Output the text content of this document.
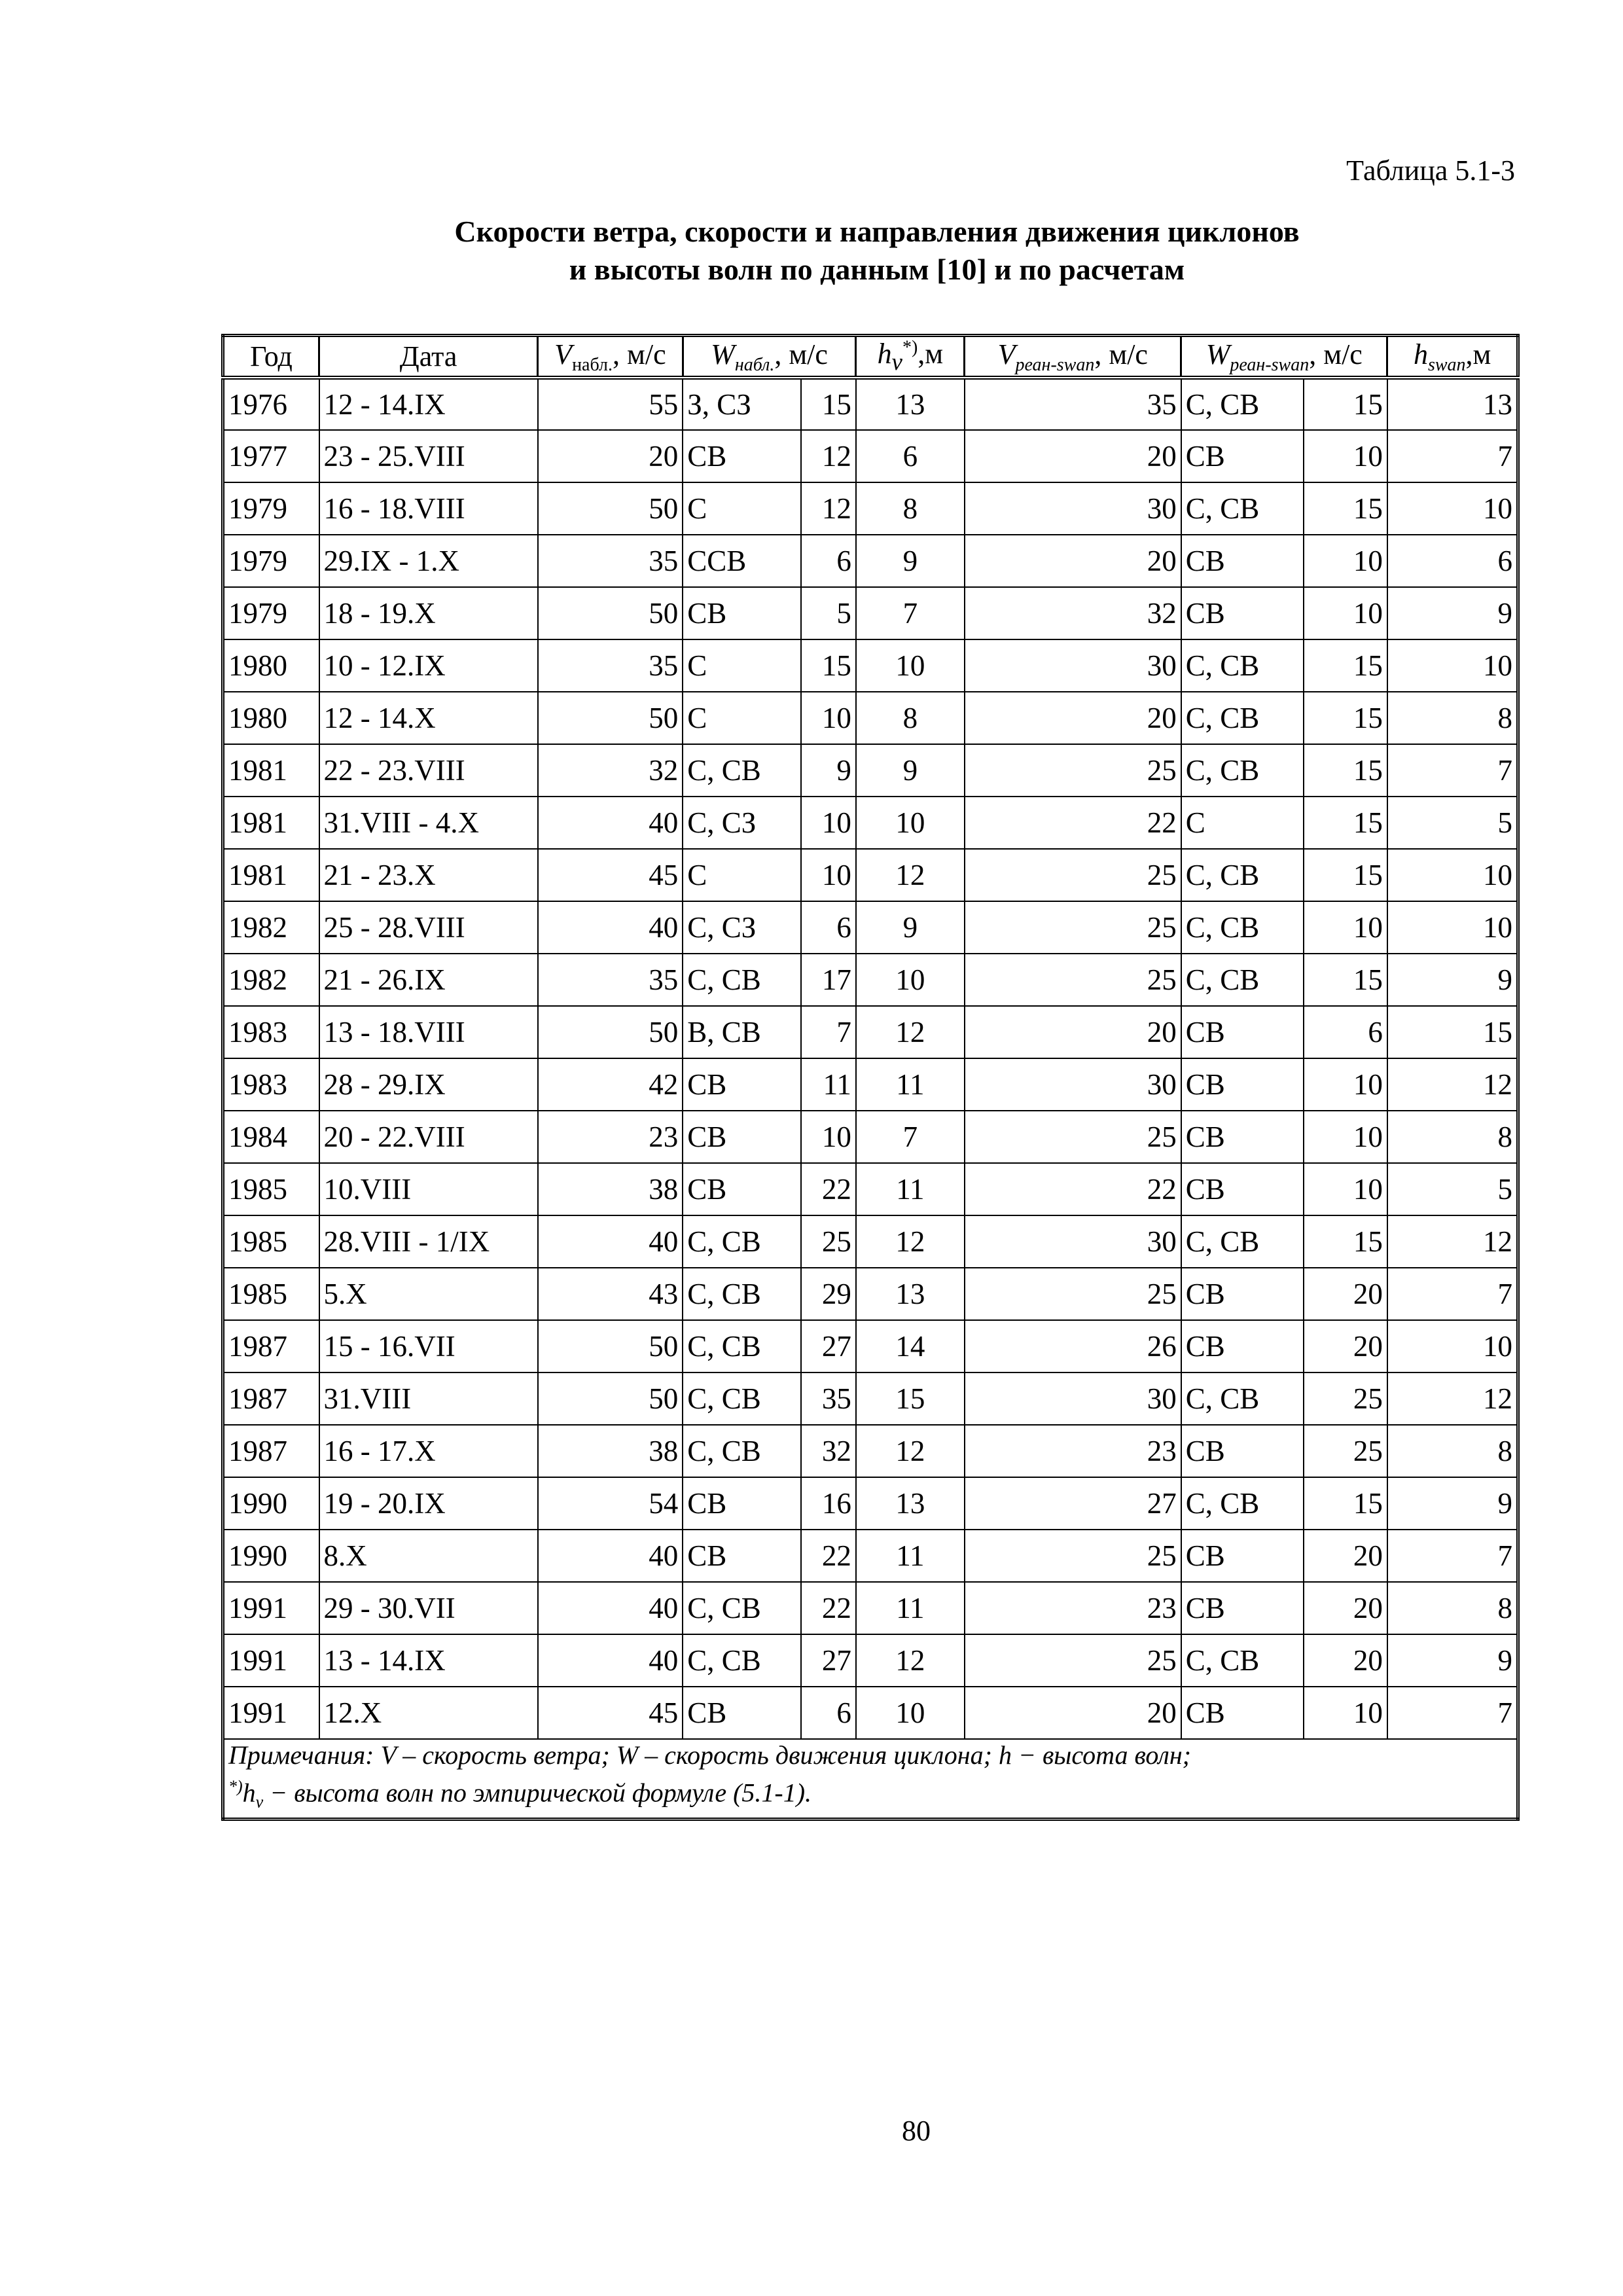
Таблица 5.1-3
Скорости ветра, скорости и направления движения циклонов
и высоты волн по данным [10] и по расчетам
Год	Дата	$V_{набл.}$, м/с	$W_{набл.}$, м/с		$h_v^{*)},м$	$V_{реан-swan}$, м/с	$W_{реан-swan}$, м/с		$h_{swan},м$
1976	12 - 14.IX	55	З, СЗ	15	13	35	С, СВ	15	13
1977	23 - 25.VIII	20	СВ	12	6	20	СВ	10	7
1979	16 - 18.VIII	50	С	12	8	30	С, СВ	15	10
1979	29.IX - 1.X	35	ССВ	6	9	20	СВ	10	6
1979	18 - 19.X	50	СВ	5	7	32	СВ	10	9
1980	10 - 12.IX	35	С	15	10	30	С, СВ	15	10
1980	12 - 14.X	50	С	10	8	20	С, СВ	15	8
1981	22 - 23.VIII	32	С, СВ	9	9	25	С, СВ	15	7
1981	31.VIII - 4.X	40	С, СЗ	10	10	22	С	15	5
1981	21 - 23.X	45	С	10	12	25	С, СВ	15	10
1982	25 - 28.VIII	40	С, СЗ	6	9	25	С, СВ	10	10
1982	21 - 26.IX	35	С, СВ	17	10	25	С, СВ	15	9
1983	13 - 18.VIII	50	В, СВ	7	12	20	СВ	6	15
1983	28 - 29.IX	42	СВ	11	11	30	СВ	10	12
1984	20 - 22.VIII	23	СВ	10	7	25	СВ	10	8
1985	10.VIII	38	СВ	22	11	22	СВ	10	5
1985	28.VIII - 1/IX	40	С, СВ	25	12	30	С, СВ	15	12
1985	5.X	43	С, СВ	29	13	25	СВ	20	7
1987	15 - 16.VII	50	С, СВ	27	14	26	СВ	20	10
1987	31.VIII	50	С, СВ	35	15	30	С, СВ	25	12
1987	16 - 17.X	38	С, СВ	32	12	23	СВ	25	8
1990	19 - 20.IX	54	СВ	16	13	27	С, СВ	15	9
1990	8.X	40	СВ	22	11	25	СВ	20	7
1991	29 - 30.VII	40	С, СВ	22	11	23	СВ	20	8
1991	13 - 14.IX	40	С, СВ	27	12	25	С, СВ	20	9
1991	12.X	45	СВ	6	10	20	СВ	10	7

Примечания: V – скорость ветра; W – скорость движения циклона; h − высота волн;
$^{*)}h_v$ − высота волн по эмпирической формуле (5.1-1).									
80
